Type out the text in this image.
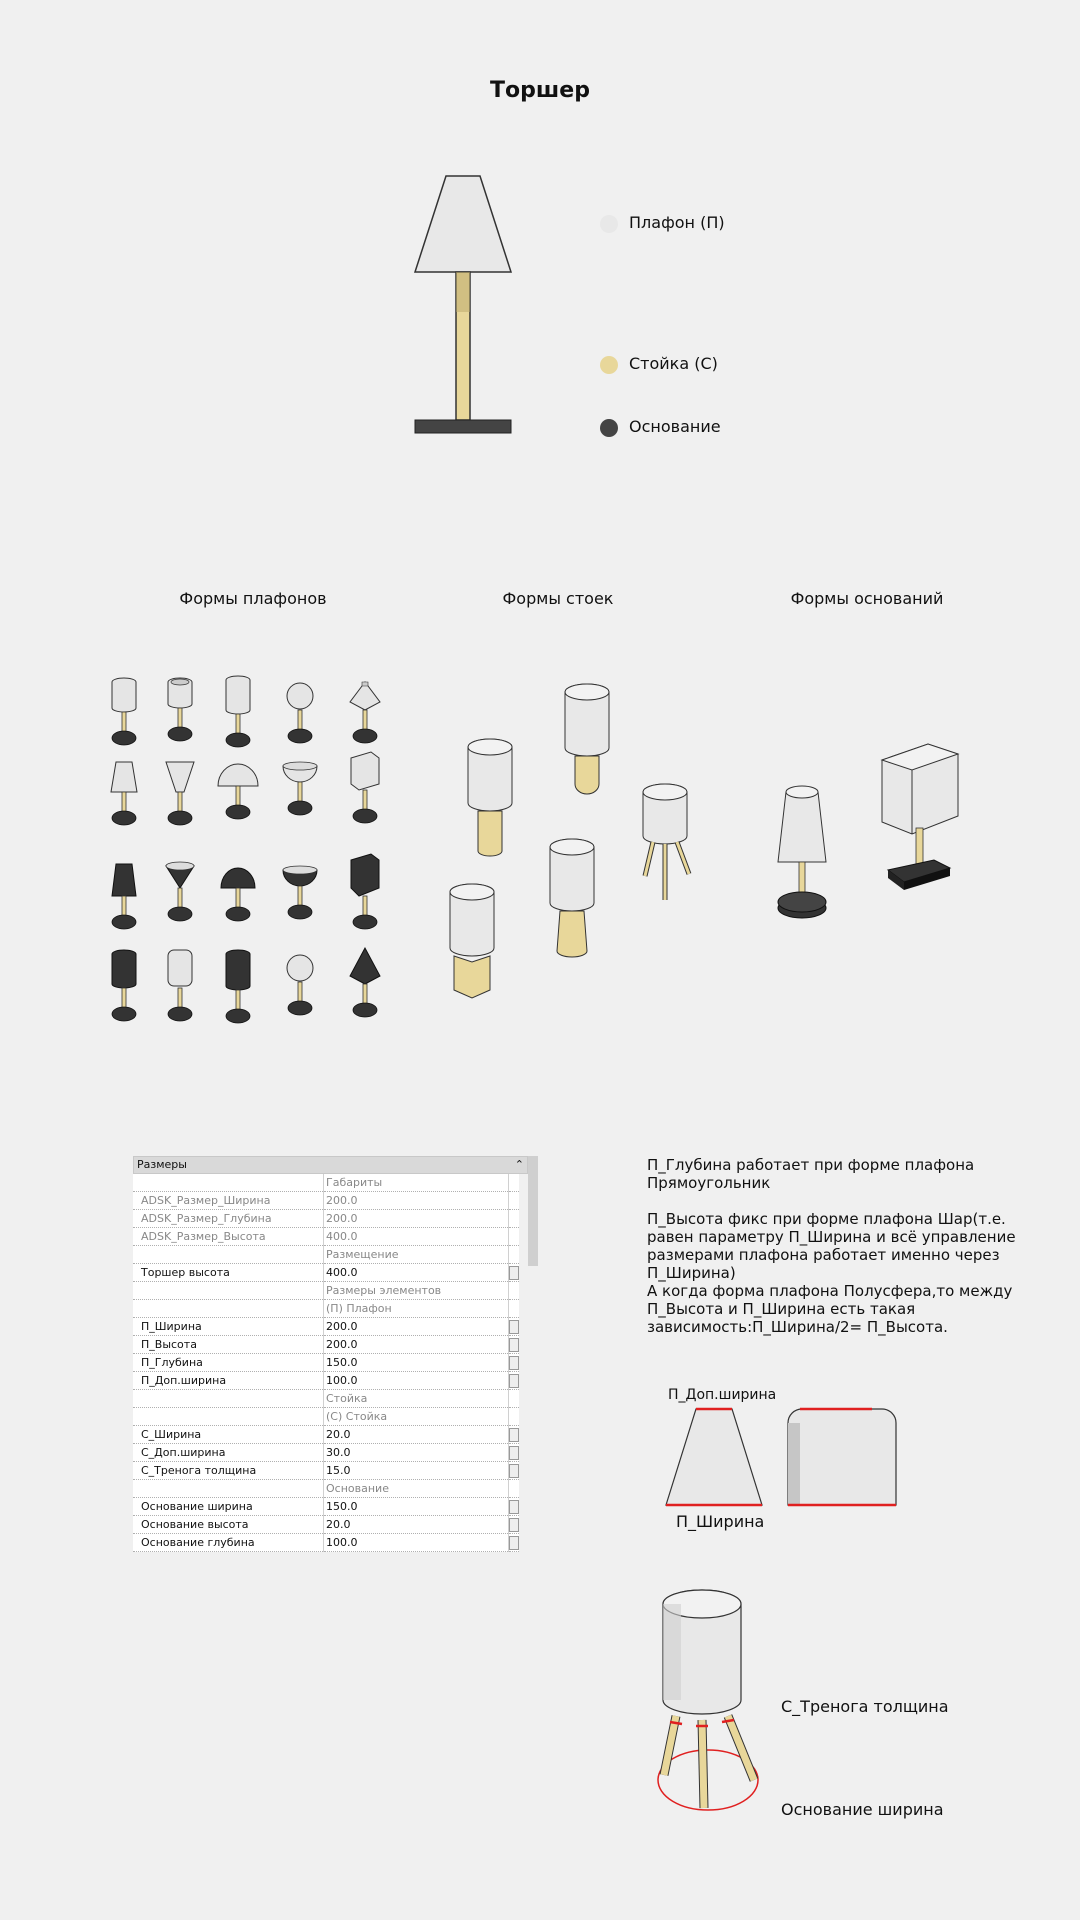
Торшер
Плафон (П)
Стойка (С)
Основание
Формы плафонов	Формы стоек	Формы оснований
Размеры	⌃
	Габариты	
ADSK_Размер_Ширина	200.0	
ADSK_Размер_Глубина	200.0	
ADSK_Размер_Высота	400.0	
	Размещение	
Торшер высота	400.0	

	Размеры элементов	
	(П) Плафон	
П_Ширина	200.0	

П_Высота	200.0	

П_Глубина	150.0	

П_Доп.ширина	100.0	

	Стойка	
	(С) Стойка	
С_Ширина	20.0	

С_Доп.ширина	30.0	

С_Тренога толщина	15.0	

	Основание	
Основание ширина	150.0	

Основание высота	20.0	

Основание глубина	100.0	

П_Глубина работает при форме плафона Прямоугольник

П_Высота фикс при форме плафона Шар(т.е. равен параметру П_Ширина и всё управление размерами плафона работает именно через П_Ширина)

А когда форма плафона Полусфера,то между П_Высота и П_Ширина есть такая зависимость:П_Ширина/2= П_Высота.

П_Доп.ширина
П_Ширина
С_Тренога толщина
Основание ширина
